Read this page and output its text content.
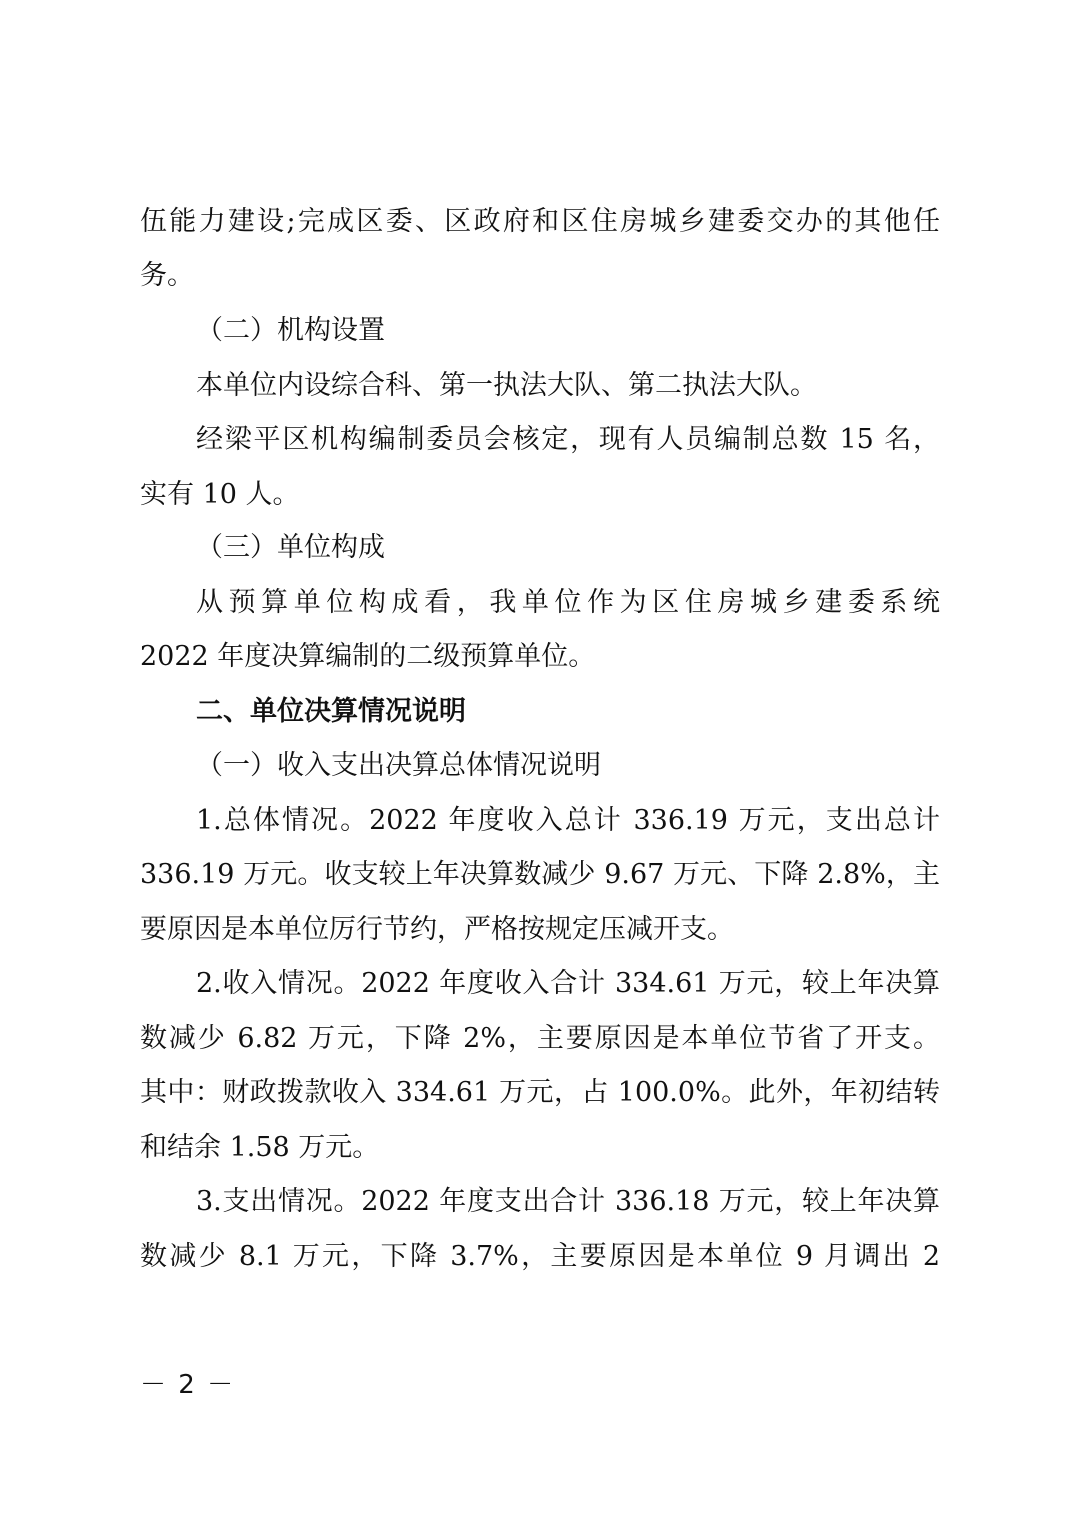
伍能力建设;完成区委、区政府和区住房城乡建委交办的其他任
务。
（二）机构设置
本单位内设综合科、第一执法大队、第二执法大队。
经梁平区机构编制委员会核定，现有人员编制总数 15 名，
实有 10 人。
（三）单位构成
从预算单位构成看，我单位作为区住房城乡建委系统
2022 年度决算编制的二级预算单位。
二、单位决算情况说明
（一）收入支出决算总体情况说明
1.总体情况。2022 年度收入总计 336.19 万元，支出总计
336.19 万元。收支较上年决算数减少 9.67 万元、下降 2.8%，主
要原因是本单位厉行节约，严格按规定压减开支。
2.收入情况。2022 年度收入合计 334.61 万元，较上年决算
数减少 6.82 万元，下降 2%，主要原因是本单位节省了开支。
其中：财政拨款收入 334.61 万元，占 100.0%。此外，年初结转
和结余 1.58 万元。
3.支出情况。2022 年度支出合计 336.18 万元，较上年决算
数减少 8.1 万元，下降 3.7%，主要原因是本单位 9 月调出 2
－ 2 －
